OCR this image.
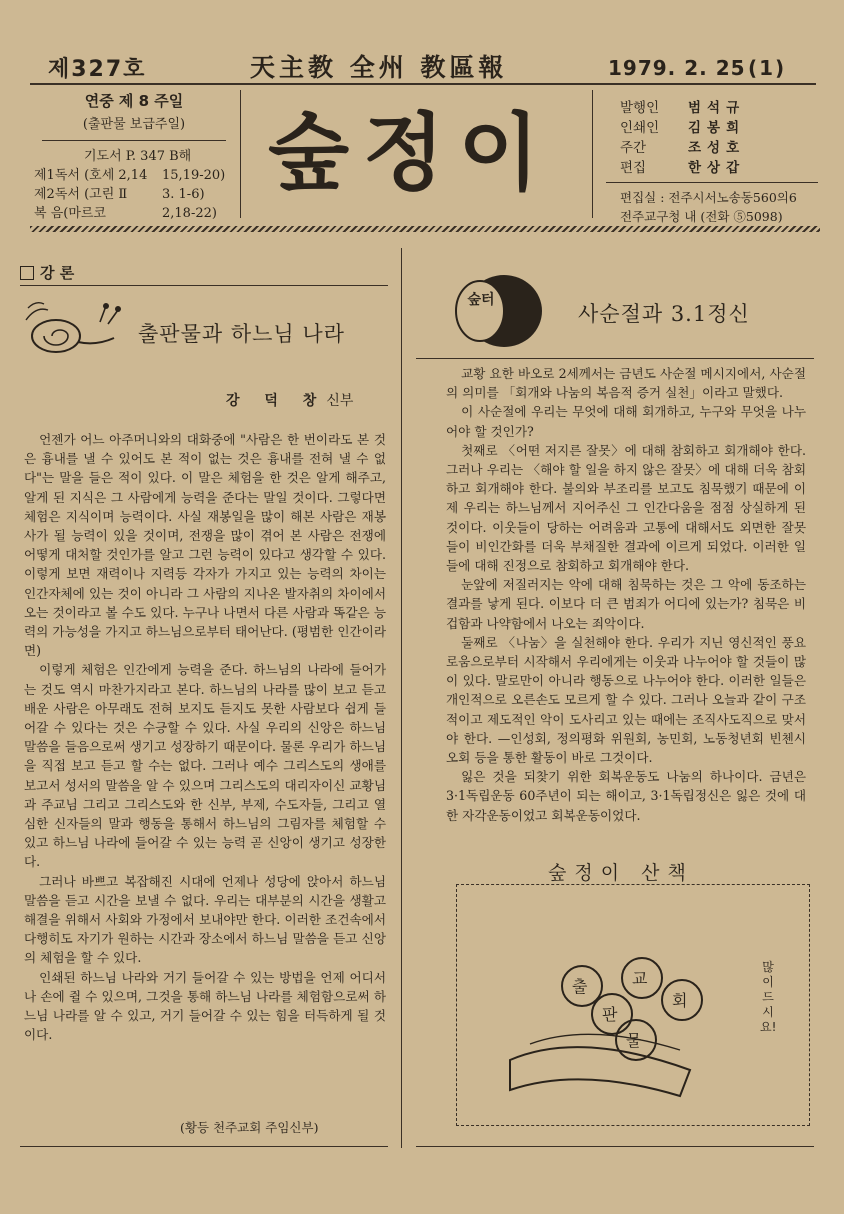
제327호	天主教 全州 教區報	1979. 2. 25 (1)
연중 제 8 주일
(출판물 보급주일)
기도서 P. 347 B해
제1독서 (호세 2,14	15,19-20)
제2독서 (고린 Ⅱ	3. 1-6)
복 음(마르코	2,18-22)
숲정이	발행인	범석규
인쇄인	김봉희
주간	조성호
편집	한상갑
편집실 : 전주시서노송동560의6
전주교구청 내 (전화 ⑤5098)
강 론
출판물과 하느님 나라
강 덕 창신부

언젠가 어느 아주머니와의 대화중에 "사람은 한 번이라도 본 것은 흉내를 낼 수 있어도 본 적이 없는 것은 흉내를 전혀 낼 수 없다"는 말을 들은 적이 있다. 이 말은 체험을 한 것은 알게 해주고, 알게 된 지식은 그 사람에게 능력을 준다는 말일 것이다. 그렇다면 체험은 지식이며 능력이다. 사실 재봉일을 많이 해본 사람은 재봉사가 될 능력이 있을 것이며, 전쟁을 많이 겪어 본 사람은 전쟁에 어떻게 대처할 것인가를 알고 그런 능력이 있다고 생각할 수 있다. 이렇게 보면 재력이나 지력등 각자가 가지고 있는 능력의 차이는 인간자체에 있는 것이 아니라 그 사람의 지나온 발자취의 차이에서 오는 것이라고 볼 수도 있다. 누구나 나면서 다른 사람과 똑같은 능력의 가능성을 가지고 하느님으로부터 태어난다. (평범한 인간이라면)

이렇게 체험은 인간에게 능력을 준다. 하느님의 나라에 들어가는 것도 역시 마찬가지라고 본다. 하느님의 나라를 많이 보고 듣고 배운 사람은 아무래도 전혀 보지도 듣지도 못한 사람보다 쉽게 들어갈 수 있다는 것은 수긍할 수 있다. 사실 우리의 신앙은 하느님 말씀을 들음으로써 생기고 성장하기 때문이다. 물론 우리가 하느님을 직접 보고 듣고 할 수는 없다. 그러나 예수 그리스도의 생애를 보고서 성서의 말씀을 알 수 있으며 그리스도의 대리자이신 교황님과 주교님 그리고 그리스도와 한 신부, 부제, 수도자들, 그리고 열심한 신자들의 말과 행동을 통해서 하느님의 그림자를 체험할 수 있고 하느님 나라에 들어갈 수 있는 능력 곧 신앙이 생기고 성장한다.

그러나 바쁘고 복잡해진 시대에 언제나 성당에 앉아서 하느님 말씀을 듣고 시간을 보낼 수 없다. 우리는 대부분의 시간을 생활고 해결을 위해서 사회와 가정에서 보내야만 한다. 이러한 조건속에서 다행히도 자기가 원하는 시간과 장소에서 하느님 말씀을 듣고 신앙의 체험을 할 수 있다.

인쇄된 하느님 나라와 거기 들어갈 수 있는 방법을 언제 어디서나 손에 쥘 수 있으며, 그것을 통해 하느님 나라를 체험함으로써 하느님 나라를 알 수 있고, 거기 들어갈 수 있는 힘을 터득하게 될 것이다.

(황등 천주교회 주임신부)
숲터
사순절과 3.1정신

교황 요한 바오로 2세께서는 금년도 사순절 메시지에서, 사순절의 의미를 「회개와 나눔의 복음적 증거 실천」이라고 말했다.

이 사순절에 우리는 무엇에 대해 회개하고, 누구와 무엇을 나누어야 할 것인가?

첫째로 〈어떤 저지른 잘못〉에 대해 참회하고 회개해야 한다. 그러나 우리는 〈해야 할 일을 하지 않은 잘못〉에 대해 더욱 참회하고 회개해야 한다. 불의와 부조리를 보고도 침묵했기 때문에 이제 우리는 하느님께서 지어주신 그 인간다움을 점점 상실하게 된 것이다. 이웃들이 당하는 어려움과 고통에 대해서도 외면한 잘못들이 비인간화를 더욱 부채질한 결과에 이르게 되었다. 이러한 일들에 대해 진정으로 참회하고 회개해야 한다.

눈앞에 저질러지는 악에 대해 침묵하는 것은 그 악에 동조하는 결과를 낳게 된다. 이보다 더 큰 범죄가 어디에 있는가? 침묵은 비겁함과 나약함에서 나오는 죄악이다.

둘째로 〈나눔〉을 실천해야 한다. 우리가 지닌 영신적인 풍요로움으로부터 시작해서 우리에게는 이웃과 나누어야 할 것들이 많이 있다. 말로만이 아니라 행동으로 나누어야 한다. 이러한 일들은 개인적으로 오른손도 모르게 할 수 있다. 그러나 오늘과 같이 구조적이고 제도적인 악이 도사리고 있는 때에는 조직사도직으로 맞서야 한다. —인성회, 정의평화 위원회, 농민회, 노동청년회 빈첸시오회 등을 통한 활동이 바로 그것이다.

잃은 것을 되찾기 위한 회복운동도 나눔의 하나이다. 금년은 3·1독립운동 60주년이 되는 해이고, 3·1독립정신은 잃은 것에 대한 자각운동이었고 회복운동이었다.

숲정이 산책
출
판
물
교
회
많이 드시요!
